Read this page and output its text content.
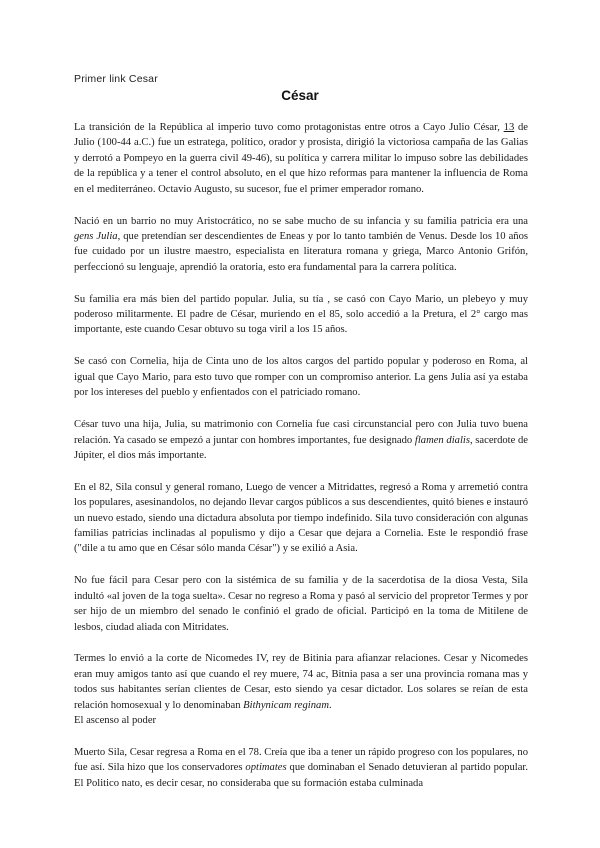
Primer link Cesar
César

La transición de la República al imperio tuvo como protagonistas entre otros a Cayo Julio César, 13 de Julio (100-44 a.C.) fue un estratega, político, orador y prosista, dirigió la victoriosa campaña de las Galias y derrotó a Pompeyo en la guerra civil 49-46), su política y carrera militar lo impuso sobre las debilidades de la república y a tener el control absoluto, en el que hizo reformas para mantener la influencia de Roma en el mediterráneo. Octavio Augusto, su sucesor, fue el primer emperador romano.

Nació en un barrio no muy Aristocrático, no se sabe mucho de su infancia y su familia patricia era una gens Julia, que pretendían ser descendientes de Eneas y por lo tanto también de Venus. Desde los 10 años fue cuidado por un ilustre maestro, especialista en literatura romana y griega, Marco Antonio Grifón, perfeccionó su lenguaje, aprendió la oratoria, esto era fundamental para la carrera política.

Su familia era más bien del partido popular. Julia, su tía , se casó con Cayo Mario, un plebeyo y muy poderoso militarmente. El padre de César, muriendo en el 85, solo accedió a la Pretura, el 2° cargo mas importante, este cuando Cesar obtuvo su toga viril a los 15 años.

Se casó con Cornelia, hija de Cinta uno de los altos cargos del partido popular y poderoso en Roma, al igual que Cayo Mario, para esto tuvo que romper con un compromiso anterior. La gens Julia así ya estaba por los intereses del pueblo y enfientados con el patriciado romano.

César tuvo una hija, Julia, su matrimonio con Cornelia fue casi circunstancial pero con Julia tuvo buena relación. Ya casado se empezó a juntar con hombres importantes, fue designado flamen dialis, sacerdote de Júpiter, el dios más importante.

En el 82, Sila consul y general romano, Luego de vencer a Mitridattes, regresó a Roma y arremetió contra los populares, asesinandolos, no dejando llevar cargos públicos a sus descendientes, quitó bienes e instauró un nuevo estado, siendo una dictadura absoluta por tiempo indefinido. Sila tuvo consideración con algunas familias patricias inclinadas al populismo y dijo a Cesar que dejara a Cornelia. Este le respondió frase ("dile a tu amo que en César sólo manda César") y se exilió a Asia.

No fue fácil para Cesar pero con la sistémica de su familia y de la sacerdotisa de la diosa Vesta, Sila indultó «al joven de la toga suelta». Cesar no regreso a Roma y pasó al servicio del propretor Termes y por ser hijo de un miembro del senado le confinió el grado de oficial. Participó en la toma de Mitilene de lesbos, ciudad aliada con Mitridates.

Termes lo envió a la corte de Nicomedes IV, rey de Bitinia para afianzar relaciones. Cesar y Nicomedes eran muy amigos tanto así que cuando el rey muere, 74 ac, Bitnia pasa a ser una provincia romana mas y todos sus habitantes serían clientes de Cesar, esto siendo ya cesar dictador. Los solares se reían de esta relación homosexual y lo denominaban Bithynicam reginam.

El ascenso al poder

Muerto Sila, Cesar regresa a Roma en el 78. Creía que iba a tener un rápido progreso con los populares, no fue así. Sila hizo que los conservadores optimates que dominaban el Senado detuvieran al partido popular. El Politico nato, es decir cesar, no consideraba que su formación estaba culminada
